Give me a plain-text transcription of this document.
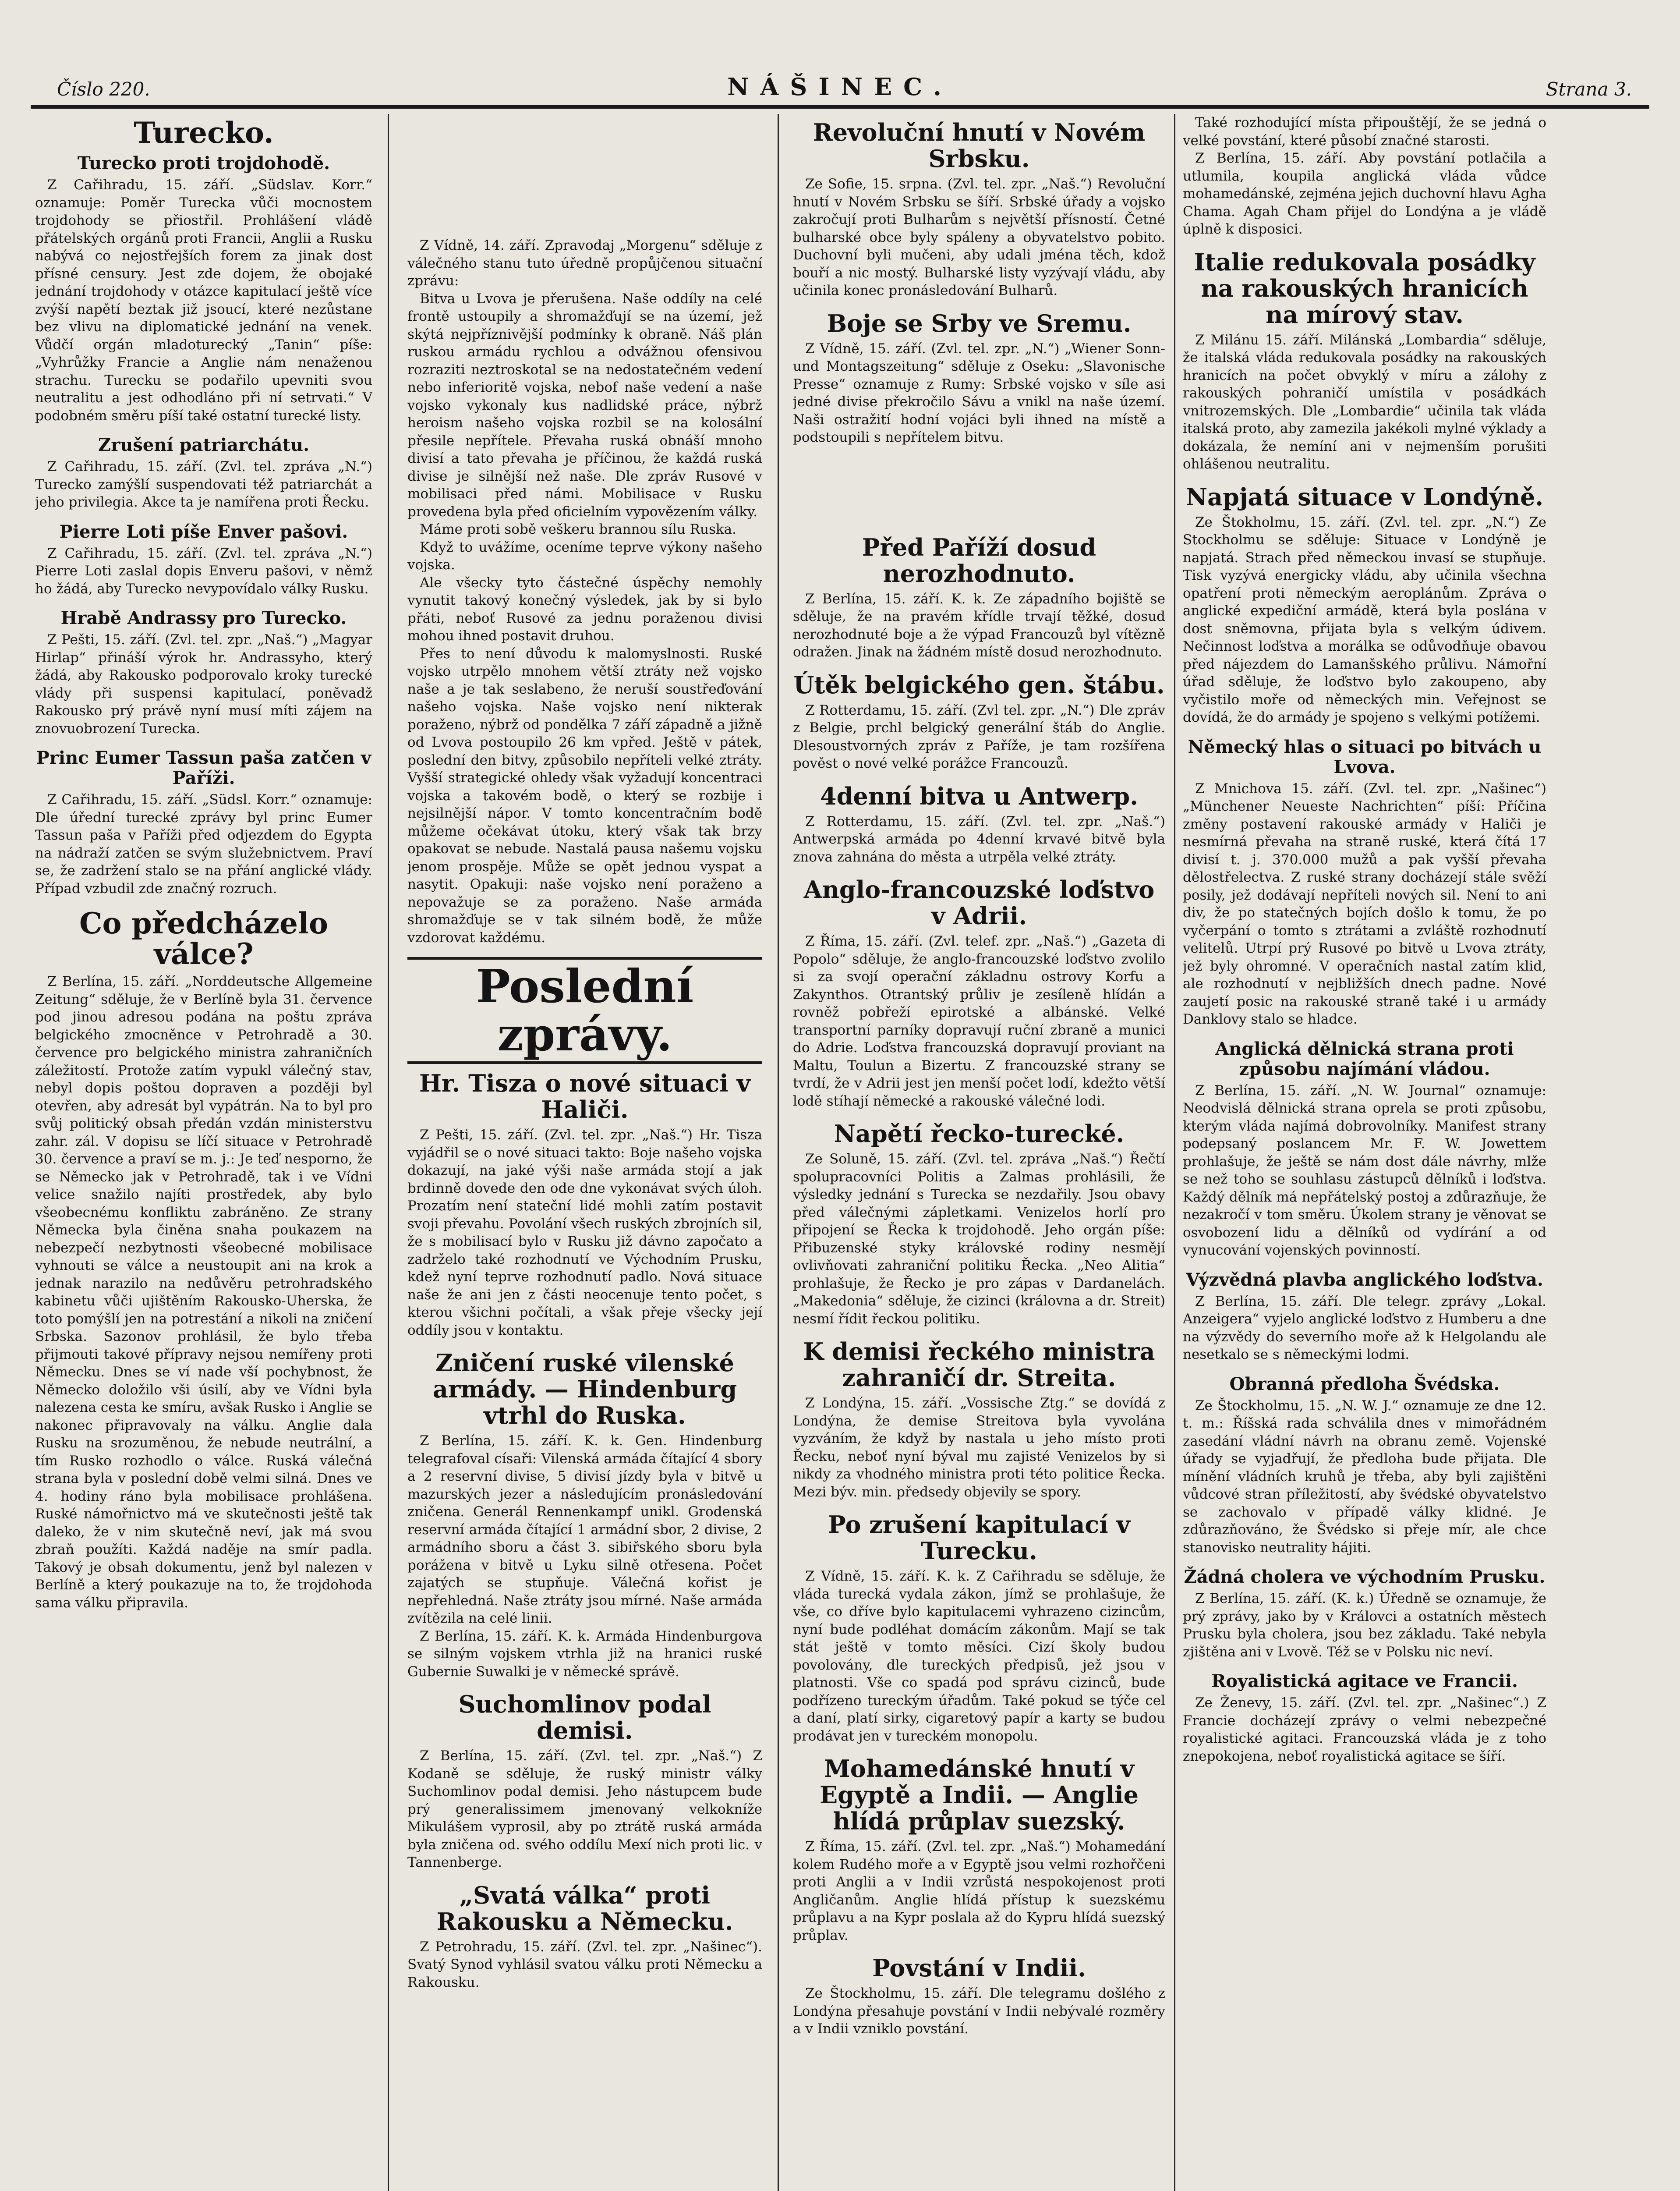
Číslo 220.	NÁŠINEC.	Strana 3.
Turecko.
Turecko proti trojdohodě.

Z Cařihradu, 15. září. „Südslav. Korr.“ oznamuje: Poměr Turecka vůči mocnostem trojdohody se přiostřil. Prohlášení vládě přátelských orgánů proti Francii, Anglii a Rusku nabývá co nejostřejších forem za jinak dost přísné censury. Jest zde dojem, že obojaké jednání trojdohody v otázce kapitulací ještě více zvýší napětí beztak již jsoucí, které nezůstane bez vlivu na diplomatické jednání na venek. Vůdčí orgán mladoturecký „Tanin“ píše: „Vyhrůžky Francie a Anglie nám nenaženou strachu. Turecku se podařilo upevniti svou neutralitu a jest odhodláno při ní setrvati.“ V podobném směru píší také ostatní turecké listy.

Zrušení patriarchátu.

Z Cařihradu, 15. září. (Zvl. tel. zpráva „N.“) Turecko zamýšlí suspendovati též patriarchát a jeho privilegia. Akce ta je namířena proti Řecku.

Pierre Loti píše Enver pašovi.

Z Cařihradu, 15. září. (Zvl. tel. zpráva „N.“) Pierre Loti zaslal dopis Enveru pašovi, v němž ho žádá, aby Turecko nevypovídalo války Rusku.

Hrabě Andrassy pro Turecko.

Z Pešti, 15. září. (Zvl. tel. zpr. „Naš.“) „Magyar Hirlap“ přináší výrok hr. Andrassyho, který žádá, aby Rakousko podporovalo kroky turecké vlády při suspensi kapitulací, poněvadž Rakousko prý právě nyní musí míti zájem na znovuobrození Turecka.

Princ Eumer Tassun paša zatčen v Paříži.

Z Cařihradu, 15. září. „Südsl. Korr.“ oznamuje: Dle úřední turecké zprávy byl princ Eumer Tassun paša v Paříži před odjezdem do Egypta na nádraží zatčen se svým služebnictvem. Praví se, že zadržení stalo se na přání anglické vlády. Případ vzbudil zde značný rozruch.

Co předcházelo válce?

Z Berlína, 15. září. „Norddeutsche Allgemeine Zeitung“ sděluje, že v Berlíně byla 31. července pod jinou adresou podána na poštu zpráva belgického zmocněnce v Petrohradě a 30. července pro belgického ministra zahraničních záležitostí. Protože zatím vypukl válečný stav, nebyl dopis poštou dopraven a později byl otevřen, aby adresát byl vypátrán. Na to byl pro svůj politický obsah předán vzdán ministerstvu zahr. zál. V dopisu se líčí situace v Petrohradě 30. července a praví se m. j.: Je teď nesporno, že se Německo jak v Petrohradě, tak i ve Vídni velice snažilo najíti prostředek, aby bylo všeobecnému konfliktu zabráněno. Ze strany Německa byla činěna snaha poukazem na nebezpečí nezbytnosti všeobecné mobilisace vyhnouti se válce a neustoupit ani na krok a jednak narazilo na nedůvěru petrohradského kabinetu vůči ujištěním Rakousko-Uherska, že toto pomýšlí jen na potrestání a nikoli na zničení Srbska. Sazonov prohlásil, že bylo třeba přijmouti takové přípravy nejsou nemířeny proti Německu. Dnes se ví nade vší pochybnost, že Německo doložilo vši úsilí, aby ve Vídni byla nalezena cesta ke smíru, avšak Rusko i Anglie se nakonec připravovaly na válku. Anglie dala Rusku na srozuměnou, že nebude neutrální, a tím Rusko rozhodlo o válce. Ruská válečná strana byla v poslední době velmi silná. Dnes ve 4. hodiny ráno byla mobilisace prohlášena. Ruské námořnictvo má ve skutečnosti ještě tak daleko, že v nim skutečně neví, jak má svou zbraň použíti. Každá naděje na smír padla. Takový je obsah dokumentu, jenž byl nalezen v Berlíně a který poukazuje na to, že trojdohoda sama válku připravila.

Z Vídně, 14. září. Zpravodaj „Morgenu“ sděluje z válečného stanu tuto úředně propůjčenou situační zprávu:

Bitva u Lvova je přerušena. Naše oddíly na celé frontě ustoupily a shromažďují se na území, jež skýtá nejpříznivější podmínky k obraně. Náš plán ruskou armádu rychlou a odvážnou ofensivou rozraziti neztroskotal se na nedostatečném vedení nebo inferioritě vojska, nebof naše vedení a naše vojsko vykonaly kus nadlidské práce, nýbrž heroism našeho vojska rozbil se na kolosální přesile nepřítele. Převaha ruská obnáší mnoho divisí a tato převaha je příčinou, že každá ruská divise je silnější než naše. Dle zpráv Rusové v mobilisaci před námi. Mobilisace v Rusku provedena byla před oficielním vypovězením války.

Máme proti sobě veškeru brannou sílu Ruska.

Když to uvážíme, oceníme teprve výkony našeho vojska.

Ale všecky tyto částečné úspěchy nemohly vynutit takový konečný výsledek, jak by si bylo přáti, neboť Rusové za jednu poraženou divisi mohou ihned postavit druhou.

Přes to není důvodu k malomyslnosti. Ruské vojsko utrpělo mnohem větší ztráty než vojsko naše a je tak seslabeno, že neruší soustřeďování našeho vojska. Naše vojsko není nikterak poraženo, nýbrž od pondělka 7 září západně a jižně od Lvova postoupilo 26 km vpřed. Ještě v pátek, poslední den bitvy, způsobilo nepříteli velké ztráty. Vyšší strategické ohledy však vyžadují koncentraci vojska a takovém bodě, o který se rozbije i nejsilnější nápor. V tomto koncentračním bodě můžeme očekávat útoku, který však tak brzy opakovat se nebude. Nastalá pausa našemu vojsku jenom prospěje. Může se opět jednou vyspat a nasytit. Opakuji: naše vojsko není poraženo a nepovažuje se za poraženo. Naše armáda shromažďuje se v tak silném bodě, že může vzdorovat každému.

Poslední zprávy.
Hr. Tisza o nové situaci v Haliči.

Z Pešti, 15. září. (Zvl. tel. zpr. „Naš.“) Hr. Tisza vyjádřil se o nové situaci takto: Boje našeho vojska dokazují, na jaké výši naše armáda stojí a jak brdinně dovede den ode dne vykonávat svých úloh. Prozatím není stateční lidé mohli zatím postavit svoji převahu. Povolání všech ruských zbrojních sil, že s mobilisací bylo v Rusku již dávno započato a zadrželo také rozhodnutí ve Východním Prusku, kdež nyní teprve rozhodnutí padlo. Nová situace naše že ani jen z části neocenuje tento počet, s kterou všichni počítali, a však přeje všecky její oddíly jsou v kontaktu.

Zničení ruské vilenské armády. — Hindenburg vtrhl do Ruska.

Z Berlína, 15. září. K. k. Gen. Hindenburg telegrafoval císaři: Vilenská armáda čítající 4 sbory a 2 reservní divise, 5 divisí jízdy byla v bitvě u mazurských jezer a následujícím pronásledování zničena. Generál Rennenkampf unikl. Grodenská reservní armáda čítající 1 armádní sbor, 2 divise, 2 armádního sboru a část 3. sibiřského sboru byla porážena v bitvě u Lyku silně otřesena. Počet zajatých se stupňuje. Válečná kořist je nepřehledná. Naše ztráty jsou mírné. Naše armáda zvítězila na celé linii.

Z Berlína, 15. září. K. k. Armáda Hindenburgova se silným vojskem vtrhla již na hranici ruské Gubernie Suwalki je v německé správě.

Suchomlinov podal demisi.

Z Berlína, 15. září. (Zvl. tel. zpr. „Naš.“) Z Kodaně se sděluje, že ruský ministr války Suchomlinov podal demisi. Jeho nástupcem bude prý generalissimem jmenovaný velkokníže Mikulášem vyprosil, aby po ztrátě ruská armáda byla zničena od. svého oddílu Mexí nich proti lic. v Tannenberge.

„Svatá válka“ proti Rakousku a Německu.

Z Petrohradu, 15. září. (Zvl. tel. zpr. „Našinec“). Svatý Synod vyhlásil svatou válku proti Německu a Rakousku.

Revoluční hnutí v Novém Srbsku.

Ze Sofie, 15. srpna. (Zvl. tel. zpr. „Naš.“) Revoluční hnutí v Novém Srbsku se šíří. Srbské úřady a vojsko zakročují proti Bulharům s největší přísností. Četné bulharské obce byly spáleny a obyvatelstvo pobito. Duchovní byli mučeni, aby udali jména těch, kdož bouří a nic mostý. Bulharské listy vyzývají vládu, aby učinila konec pronásledování Bulharů.

Boje se Srby ve Sremu.

Z Vídně, 15. září. (Zvl. tel. zpr. „N.“) „Wiener Sonn- und Montagszeitung“ sděluje z Oseku: „Slavonische Presse“ oznamuje z Rumy: Srbské vojsko v síle asi jedné divise překročilo Sávu a vnikl na naše území. Naši ostražití hodní vojáci byli ihned na místě a podstoupili s nepřítelem bitvu.

Před Paříží dosud nerozhodnuto.

Z Berlína, 15. září. K. k. Ze západního bojiště se sděluje, že na pravém křídle trvají těžké, dosud nerozhodnuté boje a že výpad Francouzů byl vítězně odražen. Jinak na žádném místě dosud nerozhodnuto.

Útěk belgického gen. štábu.

Z Rotterdamu, 15. září. (Zvl tel. zpr. „N.“) Dle zpráv z Belgie, prchl belgický generální štáb do Anglie. Dlesoustvorných zpráv z Paříže, je tam rozšířena pověst o nové velké porážce Francouzů.

4denní bitva u Antwerp.

Z Rotterdamu, 15. září. (Zvl. tel. zpr. „Naš.“) Antwerpská armáda po 4denní krvavé bitvě byla znova zahnána do města a utrpěla velké ztráty.

Anglo-francouzské loďstvo v Adrii.

Z Říma, 15. září. (Zvl. telef. zpr. „Naš.“) „Gazeta di Popolo“ sděluje, že anglo-francouzské loďstvo zvolilo si za svojí operační základnu ostrovy Korfu a Zakynthos. Otrantský průliv je zesíleně hlídán a rovněž pobřeží epirotské a albánské. Velké transportní parníky dopravují ruční zbraně a munici do Adrie. Loďstva francouzská dopravují proviant na Maltu, Toulun a Bizertu. Z francouzské strany se tvrdí, že v Adrii jest jen menší počet lodí, kdežto větší lodě stíhají německé a rakouské válečné lodi.

Napětí řecko-turecké.

Ze Soluně, 15. září. (Zvl. tel. zpráva „Naš.“) Řečtí spolupracovníci Politis a Zalmas prohlásili, že výsledky jednání s Turecka se nezdařily. Jsou obavy před válečnými zápletkami. Venizelos horlí pro připojení se Řecka k trojdohodě. Jeho orgán píše: Přibuzenské styky královské rodiny nesmějí ovlivňovati zahraniční politiku Řecka. „Neo Alitia“ prohlašuje, že Řecko je pro zápas v Dardanelách. „Makedonia“ sděluje, že cizinci (královna a dr. Streit) nesmí řídit řeckou politiku.

K demisi řeckého ministra zahraničí dr. Streita.

Z Londýna, 15. září. „Vossische Ztg.“ se dovídá z Londýna, že demise Streitova byla vyvolána vyzváním, že když by nastala u jeho místo proti Řecku, neboť nyní býval mu zajisté Venizelos by si nikdy za vhodného ministra proti této politice Řecka. Mezi býv. min. předsedy objevily se spory.

Po zrušení kapitulací v Turecku.

Z Vídně, 15. září. K. k. Z Cařihradu se sděluje, že vláda turecká vydala zákon, jímž se prohlašuje, že vše, co dříve bylo kapitulacemi vyhrazeno cizincům, nyní bude podléhat domácím zákonům. Mají se tak stát ještě v tomto měsíci. Cizí školy budou povolovány, dle tureckých předpisů, jež jsou v platnosti. Vše co spadá pod správu cizinců, bude podřízeno tureckým úřadům. Také pokud se týče cel a daní, platí sirky, cigaretový papír a karty se budou prodávat jen v tureckém monopolu.

Mohamedánské hnutí v Egyptě a Indii. — Anglie hlídá průplav suezský.

Z Říma, 15. září. (Zvl. tel. zpr. „Naš.“) Mohamedání kolem Rudého moře a v Egyptě jsou velmi rozhořčeni proti Anglii a v Indii vzrůstá nespokojenost proti Angličanům. Anglie hlídá přístup k suezskému průplavu a na Kypr poslala až do Kypru hlídá suezský průplav.

Povstání v Indii.

Ze Štockholmu, 15. září. Dle telegramu došlého z Londýna přesahuje povstání v Indii nebývalé rozměry a v Indii vzniklo povstání.

Také rozhodující místa připouštějí, že se jedná o velké povstání, které působí značné starosti.

Z Berlína, 15. září. Aby povstání potlačila a utlumila, koupila anglická vláda vůdce mohamedánské, zejména jejich duchovní hlavu Agha Chama. Agah Cham přijel do Londýna a je vládě úplně k disposici.

Italie redukovala posádky na rakouských hranicích na mírový stav.

Z Milánu 15. září. Milánská „Lombardia“ sděluje, že italská vláda redukovala posádky na rakouských hranicích na počet obvyklý v míru a zálohy z rakouských pohraničí umístila v posádkách vnitrozemských. Dle „Lombardie“ učinila tak vláda italská proto, aby zamezila jakékoli mylné výklady a dokázala, že nemíní ani v nejmenším porušiti ohlášenou neutralitu.

Napjatá situace v Londýně.

Ze Štokholmu, 15. září. (Zvl. tel. zpr. „N.“) Ze Stockholmu se sděluje: Situace v Londýně je napjatá. Strach před německou invasí se stupňuje. Tisk vyzývá energicky vládu, aby učinila všechna opatření proti německým aeroplánům. Zpráva o anglické expediční armádě, která byla poslána v dost sněmovna, přijata byla s velkým údivem. Nečinnost loďstva a morálka se odůvodňuje obavou před nájezdem do Lamanšského průlivu. Námořní úřad sděluje, že loďstvo bylo zakoupeno, aby vyčistilo moře od německých min. Veřejnost se dovídá, že do armády je spojeno s velkými potížemi.

Německý hlas o situaci po bitvách u Lvova.

Z Mnichova 15. září. (Zvl. tel. zpr. „Našinec“) „Münchener Neueste Nachrichten“ píší: Příčina změny postavení rakouské armády v Haliči je nesmírná převaha na straně ruské, která čítá 17 divisí t. j. 370.000 mužů a pak vyšší převaha dělostřelectva. Z ruské strany docházejí stále svěží posily, jež dodávají nepříteli nových sil. Není to ani div, že po statečných bojích došlo k tomu, že po vyčerpání o tomto s ztrátami a zvláště rozhodnutí velitelů. Utrpí prý Rusové po bitvě u Lvova ztráty, jež byly ohromné. V operačních nastal zatím klid, ale rozhodnutí v nejbližších dnech padne. Nové zaujetí posic na rakouské straně také i u armády Danklovy stalo se hladce.

Anglická dělnická strana proti způsobu najímání vládou.

Z Berlína, 15. září. „N. W. Journal“ oznamuje: Neodvislá dělnická strana oprela se proti způsobu, kterým vláda najímá dobrovolníky. Manifest strany podepsaný poslancem Mr. F. W. Jowettem prohlašuje, že ještě se nám dost dále návrhy, mlže se než toho se souhlasu zástupců dělníků i loďstva. Každý dělník má nepřátelský postoj a zdůrazňuje, že nezakročí v tom směru. Úkolem strany je věnovat se osvobození lidu a dělníků od vydírání a od vynucování vojenských povinností.

Výzvědná plavba anglického loďstva.

Z Berlína, 15. září. Dle telegr. zprávy „Lokal. Anzeigera“ vyjelo anglické loďstvo z Humberu a dne na výzvědy do severního moře až k Helgolandu ale nesetkalo se s německými lodmi.

Obranná předloha Švédska.

Ze Štockholmu, 15. „N. W. J.“ oznamuje ze dne 12. t. m.: Říšská rada schválila dnes v mimořádném zasedání vládní návrh na obranu země. Vojenské úřady se vyjadřují, že předloha bude přijata. Dle mínění vládních kruhů je třeba, aby byli zajištěni vůdcové stran příležitostí, aby švédské obyvatelstvo se zachovalo v případě války klidné. Je zdůrazňováno, že Švédsko si přeje mír, ale chce stanovisko neutrality hájiti.

Žádná cholera ve východním Prusku.

Z Berlína, 15. září. (K. k.) Úředně se oznamuje, že prý zprávy, jako by v Královci a ostatních městech Prusku byla cholera, jsou bez základu. Také nebyla zjištěna ani v Lvově. Též se v Polsku nic neví.

Royalistická agitace ve Francii.

Ze Ženevy, 15. září. (Zvl. tel. zpr. „Našinec“.) Z Francie docházejí zprávy o velmi nebezpečné royalistické agitaci. Francouzská vláda je z toho znepokojena, neboť royalistická agitace se šíří.
